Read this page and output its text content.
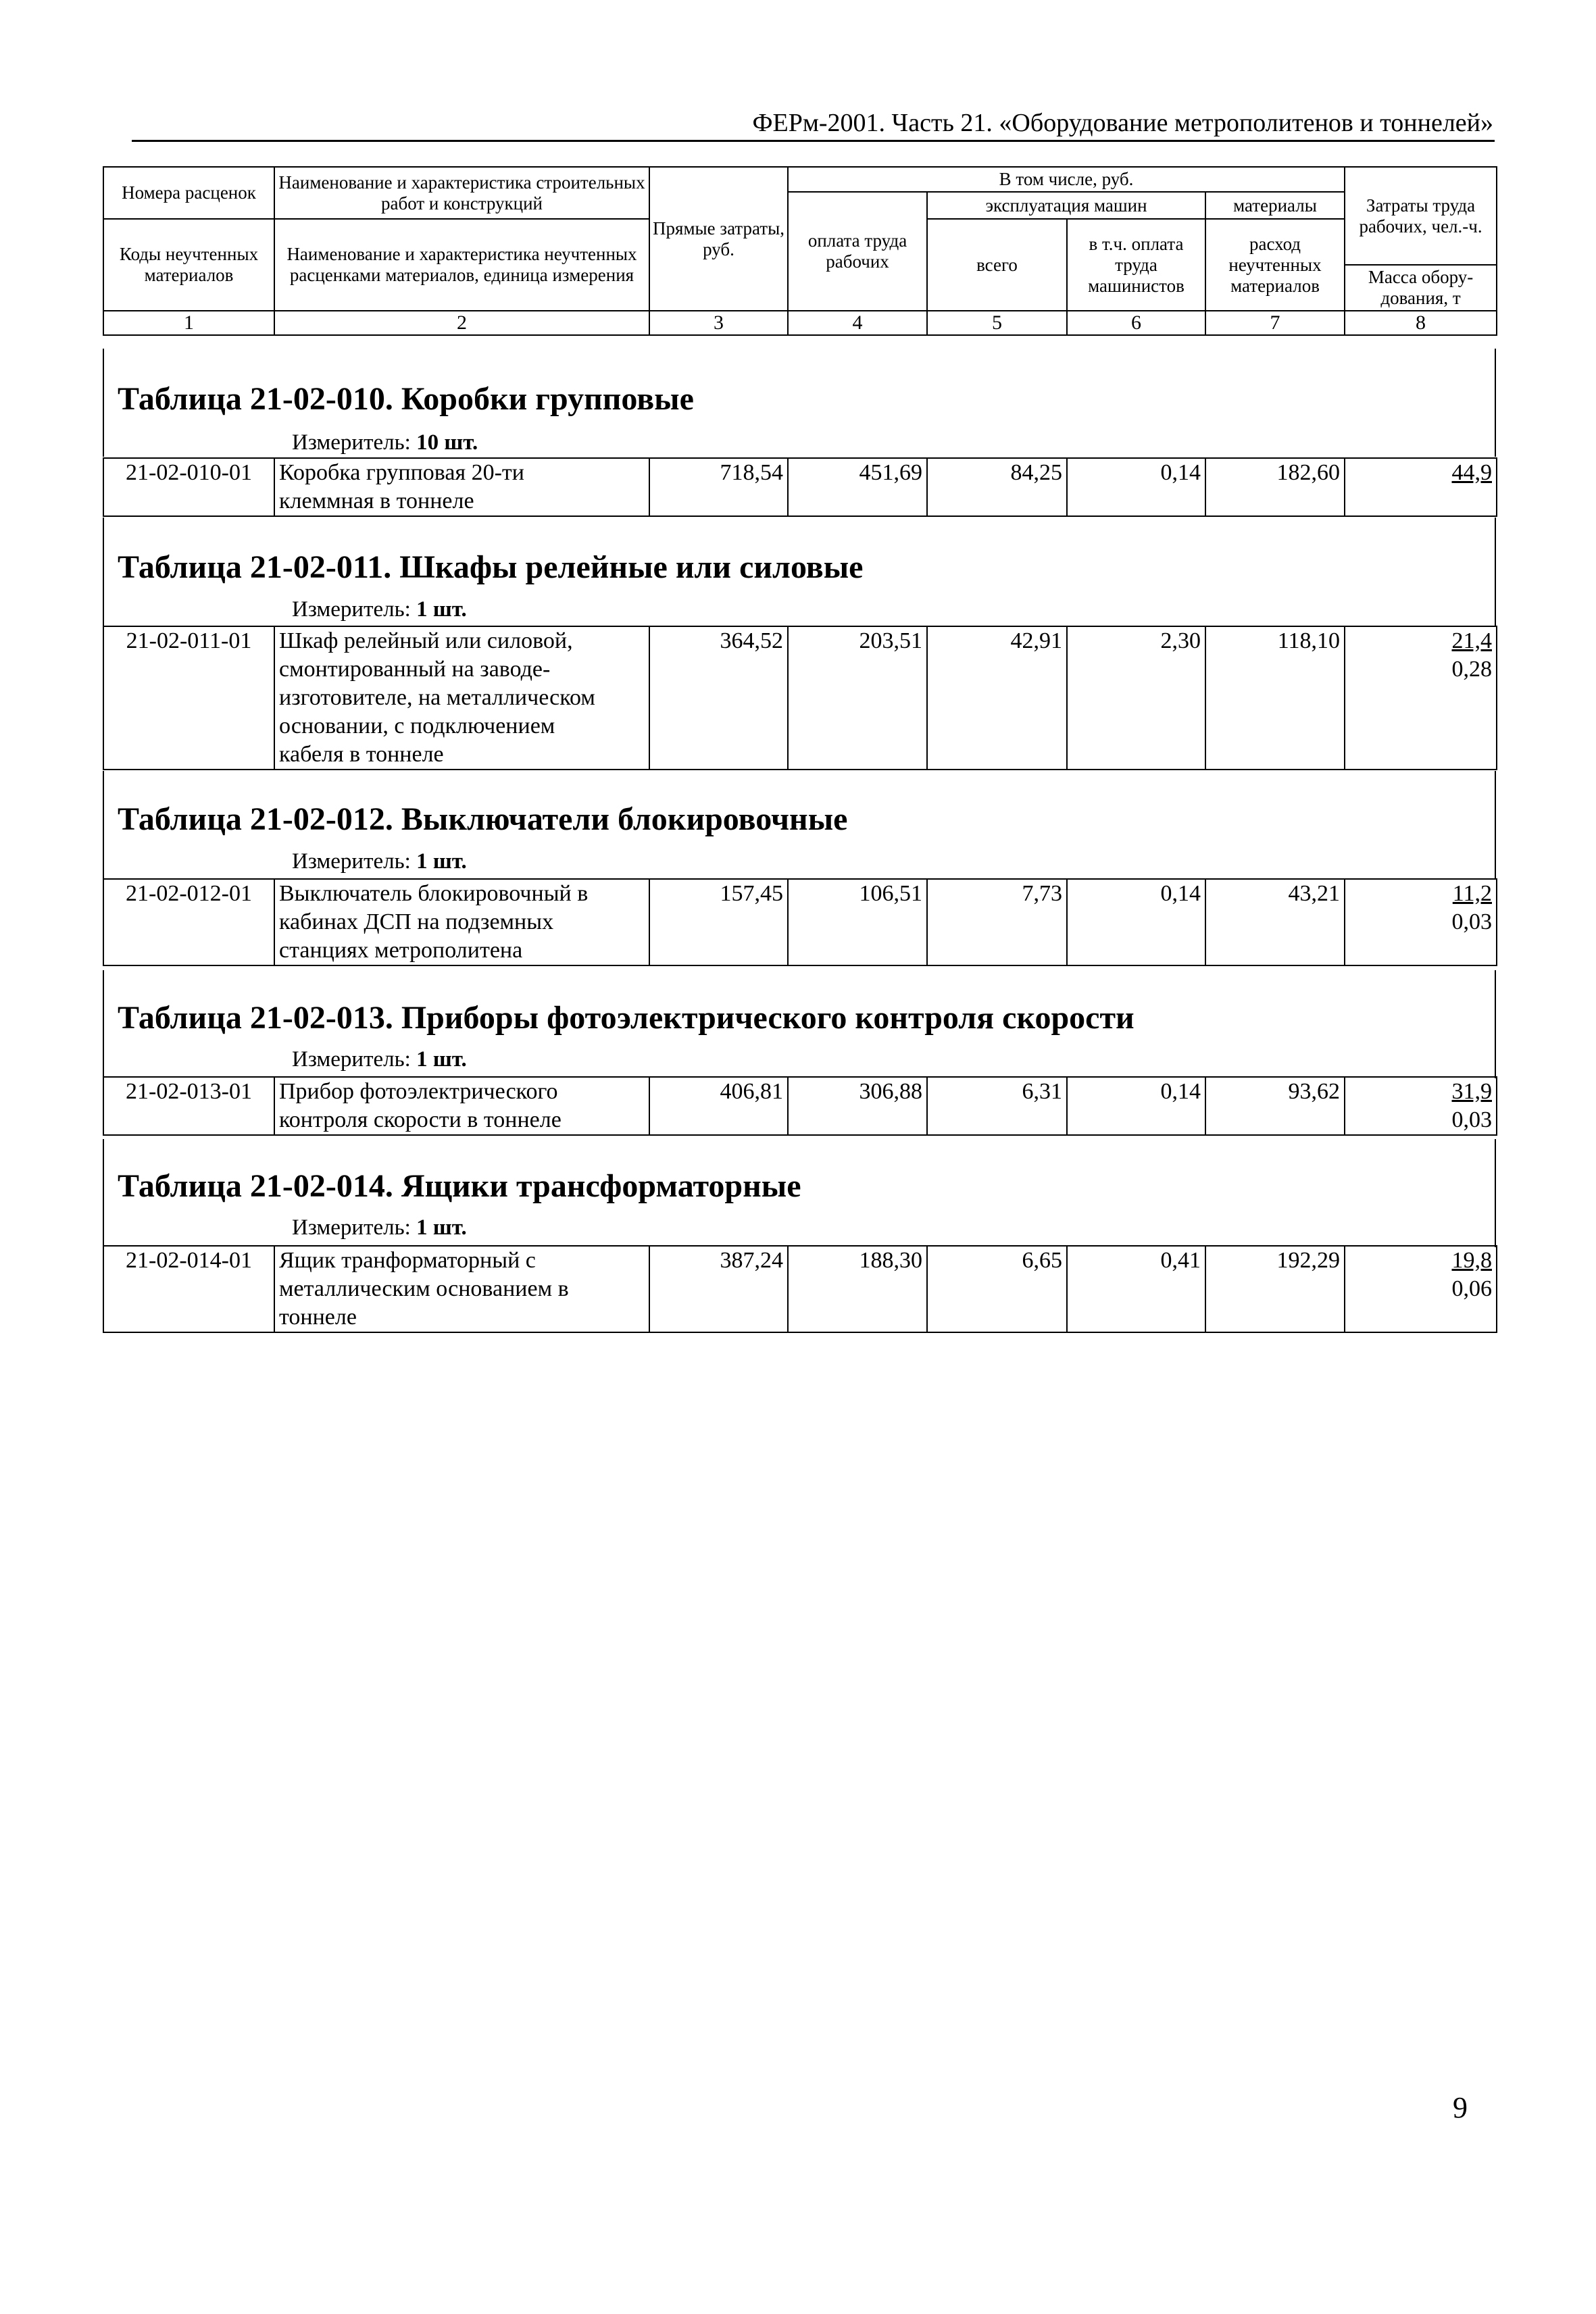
ФЕРм-2001. Часть 21. «Оборудование метрополитенов и тоннелей»
Номера расценок	Наименование и характеристика строительных работ и конструкций	Прямые затраты, руб.	В том числе, руб.				Затраты труда рабочих, чел.-ч.
			оплата труда рабочих	эксплуатация машин		материалы	
Коды неучтенных материалов	Наименование и характеристика неучтенных расценками материалов, единица измерения			всего	в т.ч. оплата труда машинистов	расход неучтенных материалов	
							Масса обору-дования, т
1	2	3	4	5	6	7	8
Таблица 21-02-010. Коробки групповые
Измеритель: 10 шт.
21-02-010-01	Коробка групповая 20-ти
клеммная в тоннеле	718,54	451,69	84,25	0,14	182,60	44,9
Таблица 21-02-011. Шкафы релейные или силовые
Измеритель: 1 шт.
21-02-011-01	Шкаф релейный или силовой,
смонтированный на заводе-
изготовителе, на металлическом
основании, с подключением
кабеля в тоннеле	364,52	203,51	42,91	2,30	118,10	21,4
0,28
Таблица 21-02-012. Выключатели блокировочные
Измеритель: 1 шт.
21-02-012-01	Выключатель блокировочный в
кабинах ДСП на подземных
станциях метрополитена	157,45	106,51	7,73	0,14	43,21	11,2
0,03
Таблица 21-02-013. Приборы фотоэлектрического контроля скорости
Измеритель: 1 шт.
21-02-013-01	Прибор фотоэлектрического
контроля скорости в тоннеле	406,81	306,88	6,31	0,14	93,62	31,9
0,03
Таблица 21-02-014. Ящики трансформаторные
Измеритель: 1 шт.
21-02-014-01	Ящик транформаторный с
металлическим основанием в
тоннеле	387,24	188,30	6,65	0,41	192,29	19,8
0,06
9
